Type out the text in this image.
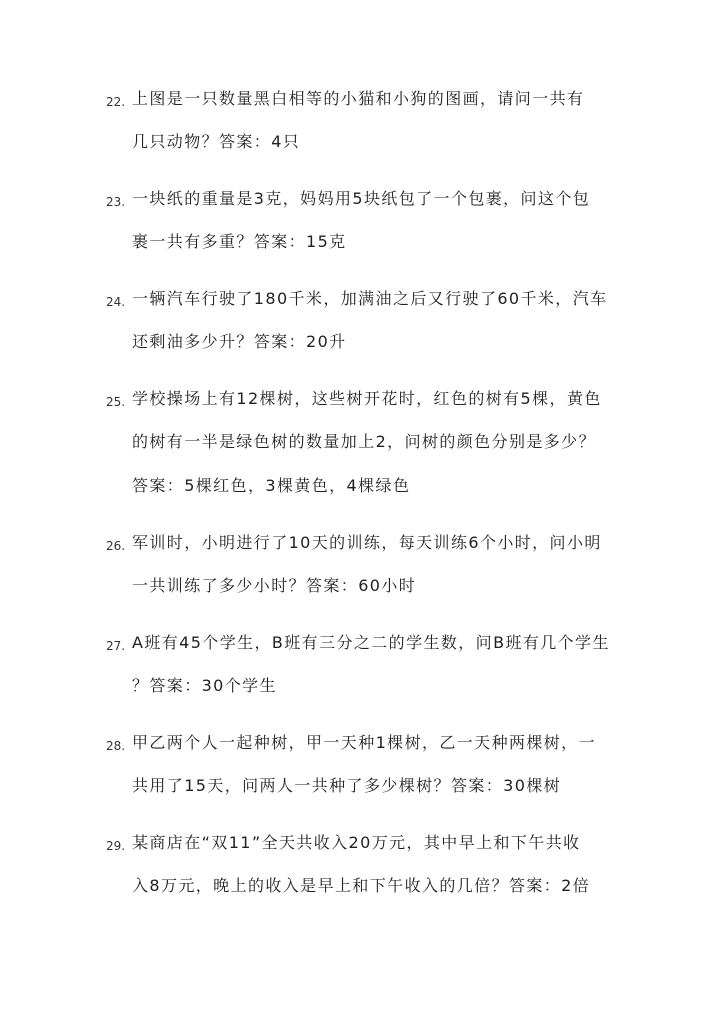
22. 上图是一只数量黑白相等的小猫和小狗的图画，请问一共有
几只动物？答案：4只
23. 一块纸的重量是3克，妈妈用5块纸包了一个包裹，问这个包
裹一共有多重？答案：15克
24. 一辆汽车行驶了180千米，加满油之后又行驶了60千米，汽车
还剩油多少升？答案：20升
25. 学校操场上有12棵树，这些树开花时，红色的树有5棵，黄色
的树有一半是绿色树的数量加上2，问树的颜色分别是多少？
答案：5棵红色，3棵黄色，4棵绿色
26. 军训时，小明进行了10天的训练，每天训练6个小时，问小明
一共训练了多少小时？答案：60小时
27. A班有45个学生，B班有三分之二的学生数，问B班有几个学生
？答案：30个学生
28. 甲乙两个人一起种树，甲一天种1棵树，乙一天种两棵树，一
共用了15天，问两人一共种了多少棵树？答案：30棵树
29. 某商店在“双11”全天共收入20万元，其中早上和下午共收
入8万元，晚上的收入是早上和下午收入的几倍？答案：2倍
